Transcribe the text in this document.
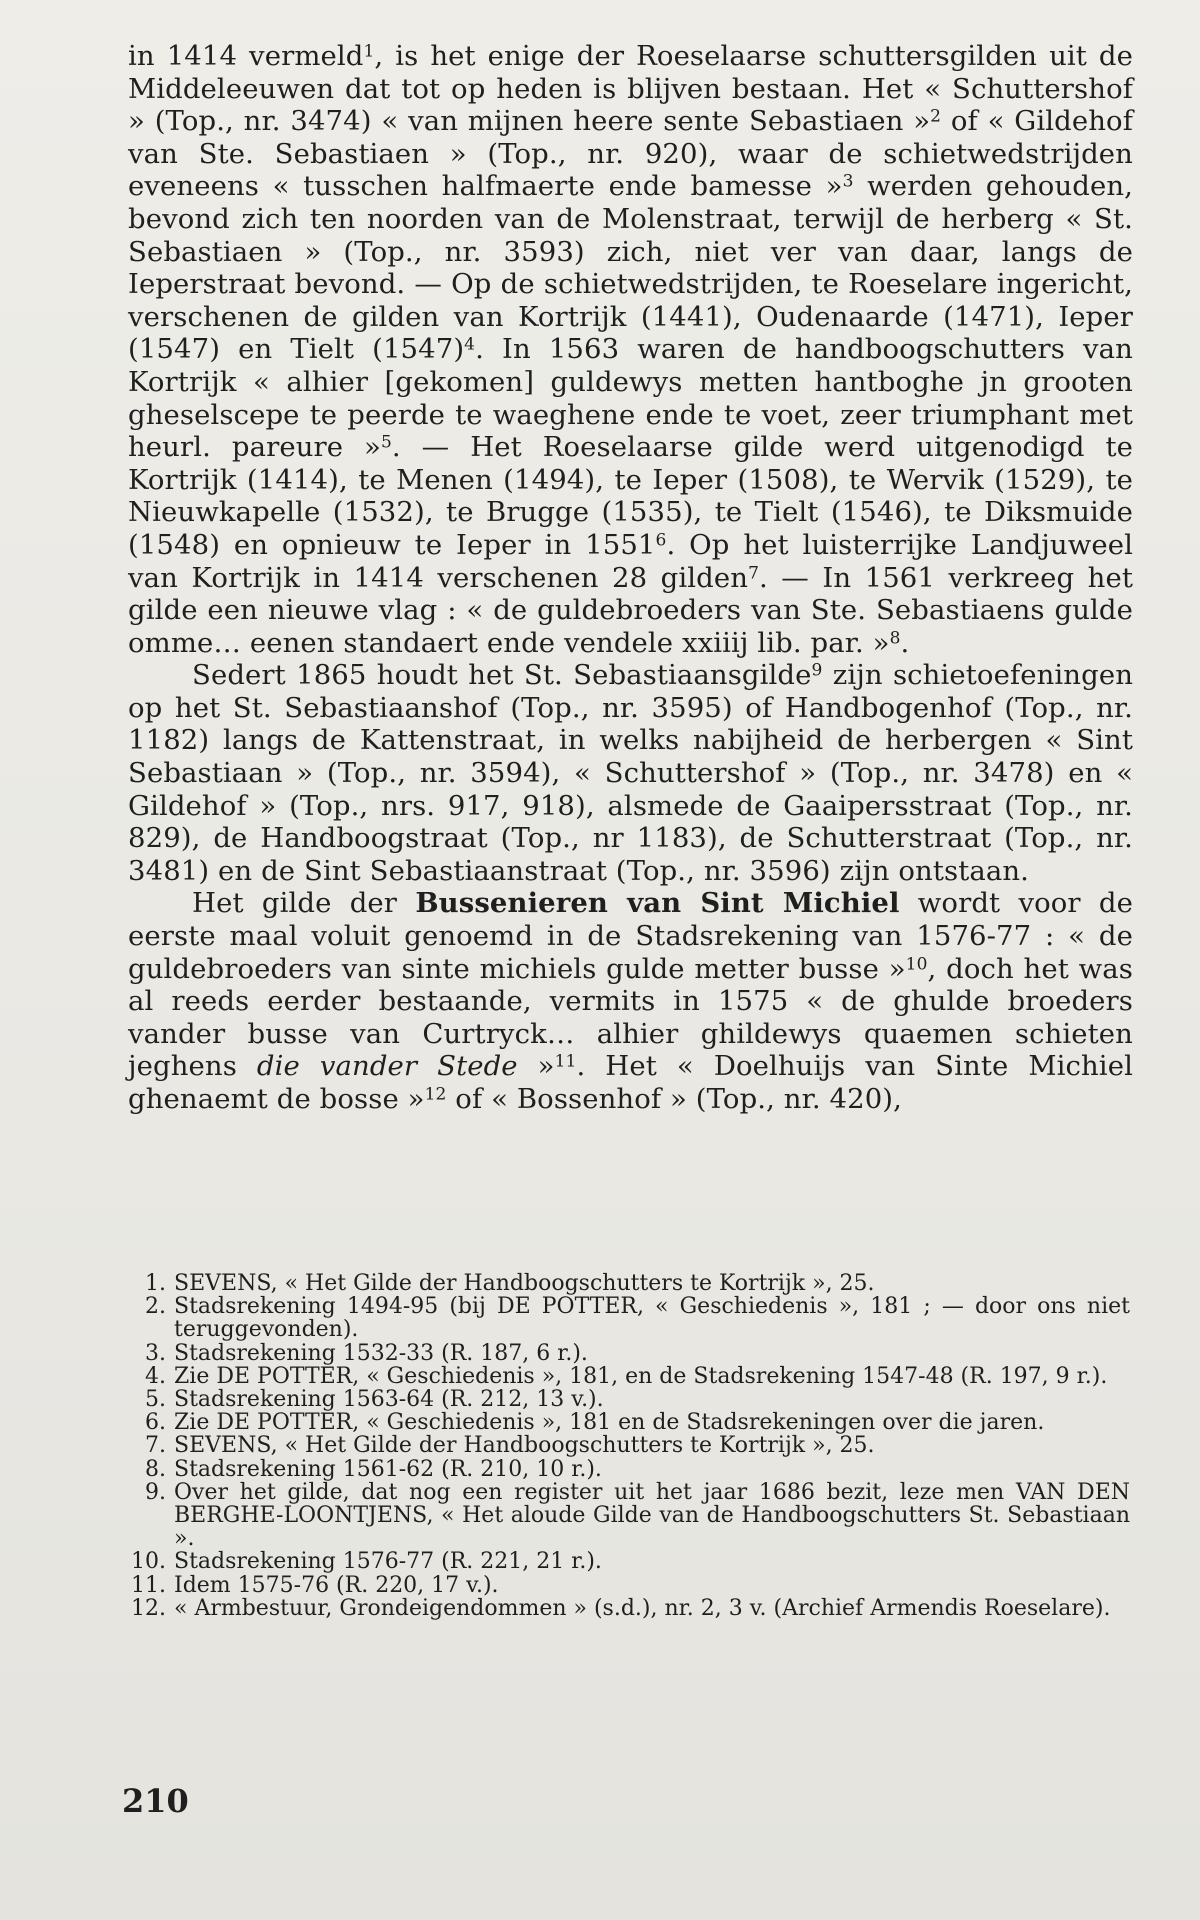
in 1414 vermeld$^1$, is het enige der Roeselaarse schuttersgilden uit de Middeleeuwen dat tot op heden is blijven bestaan. Het « Schuttershof » (Top., nr. 3474) « van mijnen heere sente Sebastiaen »$^2$ of « Gildehof van Ste. Sebastiaen » (Top., nr. 920), waar de schietwedstrijden eveneens « tusschen halfmaerte ende bamesse »$^3$ werden gehouden, bevond zich ten noorden van de Molenstraat, terwijl de herberg « St. Sebastiaen » (Top., nr. 3593) zich, niet ver van daar, langs de Ieperstraat bevond. — Op de schietwedstrijden, te Roeselare ingericht, verschenen de gilden van Kortrijk (1441), Oudenaarde (1471), Ieper (1547) en Tielt $(1547)^4$. In 1563 waren de handboogschutters van Kortrijk « alhier [gekomen] guldewys metten hantboghe jn grooten gheselscepe te peerde te waeghene ende te voet, zeer triumphant met heurl. pareure »$^5$. — Het Roeselaarse gilde werd uitgenodigd te Kortrijk (1414), te Menen (1494), te Ieper (1508), te Wervik (1529), te Nieuwkapelle (1532), te Brugge (1535), te Tielt (1546), te Diksmuide (1548) en opnieuw te Ieper in 1551$^6$. Op het luisterrijke Landjuweel van Kortrijk in 1414 verschenen 28 gilden$^7$. — In 1561 verkreeg het gilde een nieuwe vlag : « de guldebroeders van Ste. Sebastiaens gulde omme… eenen standaert ende vendele xxiiij lib. par. »$^8$.

Sedert 1865 houdt het St. Sebastiaansgilde$^9$ zijn schietoefeningen op het St. Sebastiaanshof (Top., nr. 3595) of Handbogenhof (Top., nr. 1182) langs de Kattenstraat, in welks nabijheid de herbergen « Sint Sebastiaan » (Top., nr. 3594), « Schuttershof » (Top., nr. 3478) en « Gildehof » (Top., nrs. 917, 918), alsmede de Gaaipersstraat (Top., nr. 829), de Handboogstraat (Top., nr 1183), de Schutterstraat (Top., nr. 3481) en de Sint Sebastiaanstraat (Top., nr. 3596) zijn ontstaan.

Het gilde der Bussenieren van Sint Michiel wordt voor de eerste maal voluit genoemd in de Stadsrekening van 1576-77 : « de guldebroeders van sinte michiels gulde metter busse »$^{10}$, doch het was al reeds eerder bestaande, vermits in 1575 « de ghulde broeders vander busse van Curtryck… alhier ghildewys quaemen schieten jeghens die vander Stede »$^{11}$. Het « Doelhuijs van Sinte Michiel ghenaemt de bosse »$^{12}$ of « Bossenhof » (Top., nr. 420),

1. SEVENS, « Het Gilde der Handboogschutters te Kortrijk », 25.
2. Stadsrekening 1494-95 (bij DE POTTER, « Geschiedenis », 181 ; — door ons niet teruggevonden).
3. Stadsrekening 1532-33 (R. 187, 6 r.).
4. Zie DE POTTER, « Geschiedenis », 181, en de Stadsrekening 1547-48 (R. 197, 9 r.).
5. Stadsrekening 1563-64 (R. 212, 13 v.).
6. Zie DE POTTER, « Geschiedenis », 181 en de Stadsrekeningen over die jaren.
7. SEVENS, « Het Gilde der Handboogschutters te Kortrijk », 25.
8. Stadsrekening 1561-62 (R. 210, 10 r.).
9. Over het gilde, dat nog een register uit het jaar 1686 bezit, leze men VAN DEN BERGHE-LOONTJENS, « Het aloude Gilde van de Handboogschutters St. Sebastiaan ».
10. Stadsrekening 1576-77 (R. 221, 21 r.).
11. Idem 1575-76 (R. 220, 17 v.).
12. « Armbestuur, Grondeigendommen » (s.d.), nr. 2, 3 v. (Archief Armendis Roeselare).
210
